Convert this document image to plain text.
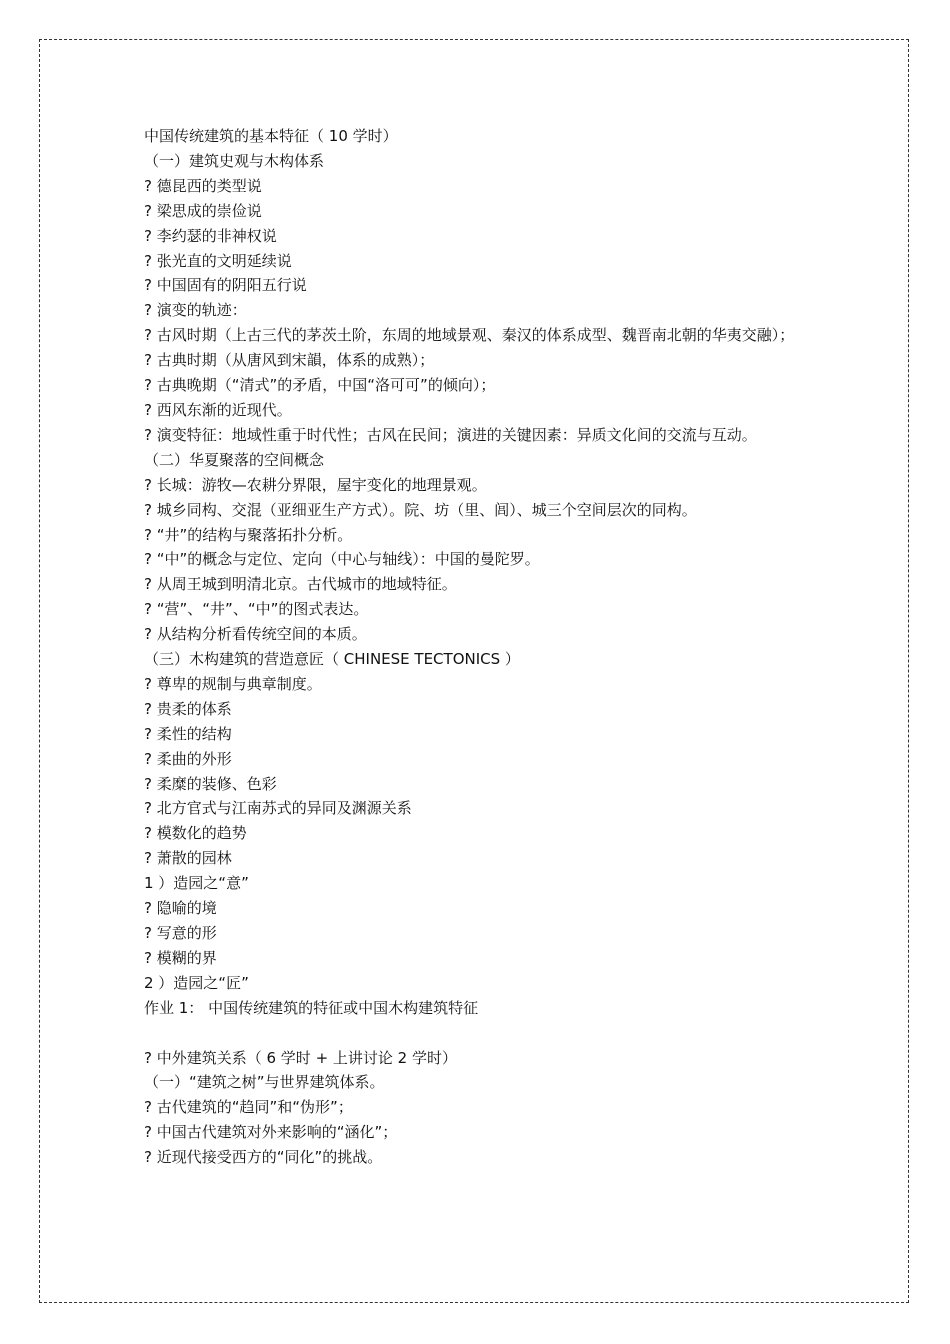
中国传统建筑的基本特征（ 10 学时）
（一）建筑史观与木构体系
? 德昆西的类型说
? 梁思成的崇俭说
? 李约瑟的非神权说
? 张光直的文明延续说
? 中国固有的阴阳五行说
? 演变的轨迹：
? 古风时期（上古三代的茅茨土阶，东周的地域景观、秦汉的体系成型、魏晋南北朝的华夷交融）；
? 古典时期（从唐风到宋韻，体系的成熟）；
? 古典晚期（“清式”的矛盾，中国“洛可可”的倾向）；
? 西风东渐的近现代。
? 演变特征：地域性重于时代性；古风在民间；演进的关键因素：异质文化间的交流与互动。
（二）华夏聚落的空间概念
? 长城：游牧—农耕分界限，屋宇变化的地理景观。
? 城乡同构、交混（亚细亚生产方式）。院、坊（里、闾）、城三个空间层次的同构。
? “井”的结构与聚落拓扑分析。
? “中”的概念与定位、定向（中心与轴线）：中国的曼陀罗。
? 从周王城到明清北京。古代城市的地域特征。
? “营”、“井”、“中”的图式表达。
? 从结构分析看传统空间的本质。
（三）木构建筑的营造意匠（ CHINESE TECTONICS ）
? 尊卑的规制与典章制度。
? 贵柔的体系
? 柔性的结构
? 柔曲的外形
? 柔糜的装修、色彩
? 北方官式与江南苏式的异同及渊源关系
? 模数化的趋势
? 萧散的园林
1 ）造园之“意”
? 隐喻的境
? 写意的形
? 模糊的界
2 ）造园之“匠”
作业 1： 中国传统建筑的特征或中国木构建筑特征
? 中外建筑关系（ 6 学时 + 上讲讨论 2 学时）
（一）“建筑之树”与世界建筑体系。
? 古代建筑的“趋同”和“伪形”；
? 中国古代建筑对外来影响的“涵化”；
? 近现代接受西方的“同化”的挑战。
